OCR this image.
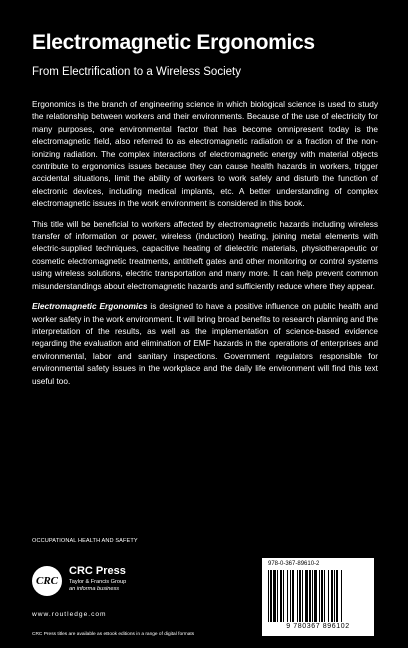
Electromagnetic Ergonomics
From Electrification to a Wireless Society

Ergonomics is the branch of engineering science in which biological science is used to study the relationship between workers and their environments. Because of the use of electricity for many purposes, one environmental factor that has become omnipresent today is the electromagnetic field, also referred to as electromagnetic radiation or a fraction of the non-ionizing radiation. The complex interactions of electromagnetic energy with material objects contribute to ergonomics issues because they can cause health hazards in workers, trigger accidental situations, limit the ability of workers to work safely and disturb the function of electronic devices, including medical implants, etc. A better understanding of complex electromagnetic issues in the work environment is considered in this book.

This title will be beneficial to workers affected by electromagnetic hazards including wireless transfer of information or power, wireless (induction) heating, joining metal elements with electric-supplied techniques, capacitive heating of dielectric materials, physiotherapeutic or cosmetic electromagnetic treatments, antitheft gates and other monitoring or control systems using wireless solutions, electric transportation and many more. It can help prevent common misunderstandings about electromagnetic hazards and sufficiently reduce where they appear.

Electromagnetic Ergonomics is designed to have a positive influence on public health and worker safety in the work environment. It will bring broad benefits to research planning and the interpretation of the results, as well as the implementation of science-based evidence regarding the evaluation and elimination of EMF hazards in the operations of enterprises and environmental, labor and sanitary inspections. Government regulators responsible for environmental safety issues in the workplace and the daily life environment will find this text useful too.

OCCUPATIONAL HEALTH AND SAFETY
CRC
CRC Press
Taylor & Francis Group
an informa business
www.routledge.com
CRC Press titles are available as eBook editions in a range of digital formats
978-0-367-89610-2
9 780367 896102
